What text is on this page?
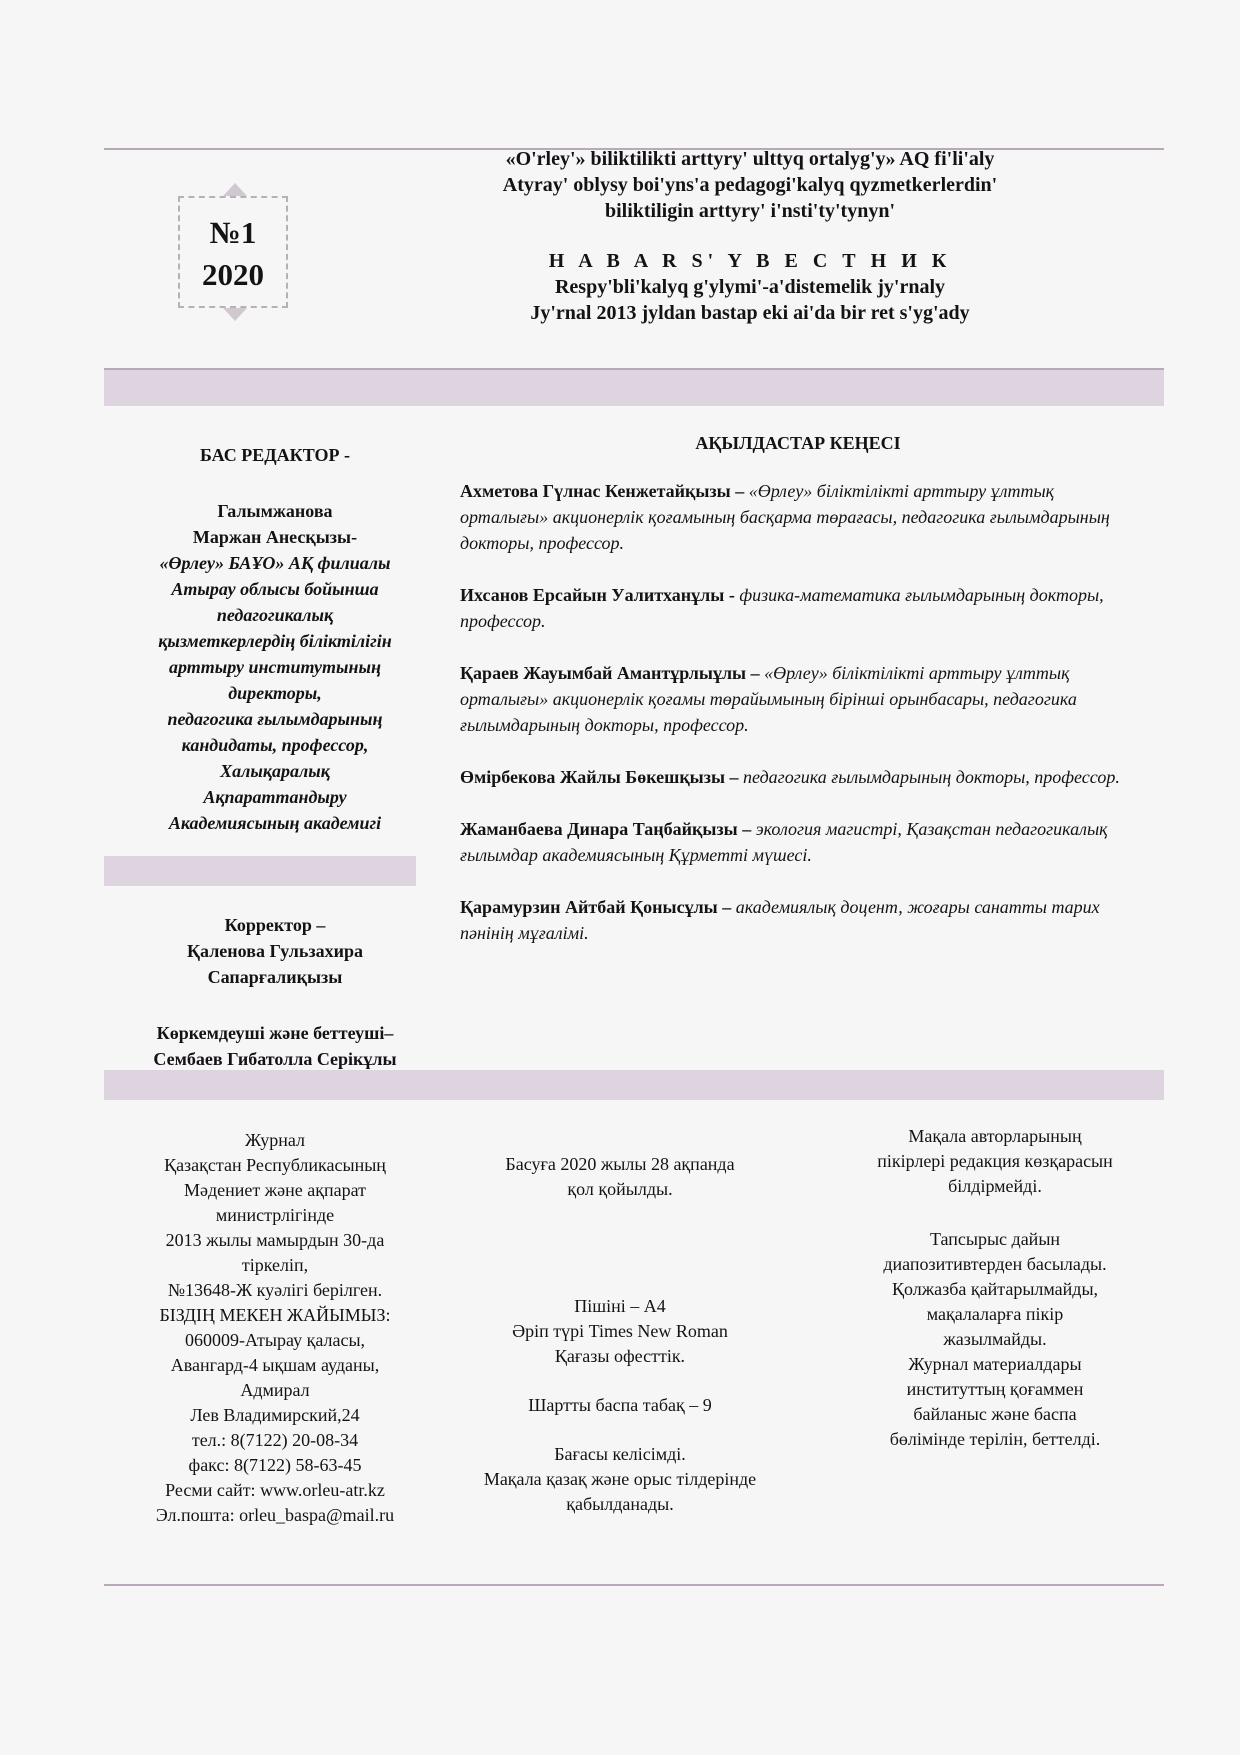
№1
2020
«O'rley'» biliktilikti arttyry' ulttyq ortalyg'y» AQ fi'li'aly
Atyray' oblysy boi'yns'a pedagogi'kalyq qyzmetkerlerdin'
biliktiligin arttyry' i'nsti'ty'tynyn'
H A B A R S' Y В Е С Т Н И К
Respy'bli'kalyq g'ylymi'-a'distemelik jy'rnaly
Jy'rnal 2013 jyldan bastap eki ai'da bir ret s'yg'ady
БАС РЕДАКТОР -
Галымжанова
Маржан Анесқызы-
«Өрлеу» БАҰО» АҚ филиалы
Атырау облысы бойынша
педагогикалық
қызметкерлердің біліктілігін
арттыру институтының
директоры,
педагогика ғылымдарының
кандидаты, профессор,
Халықаралық
Ақпараттандыру
Академиясының академигі
Корректор –
Қаленова Гульзахира
Сапарғалиқызы
Көркемдеуші және беттеуші–
Сембаев Гибатолла Серікұлы
АҚЫЛДАСТАР КЕҢЕСІ
Ахметова Гүлнас Кенжетайқызы – «Өрлеу» біліктілікті арттыру ұлттық орталығы» акционерлік қоғамының басқарма төрағасы, педагогика ғылымдарының докторы, профессор.
Ихсанов Ерсайын Уалитханұлы - физика-математика ғылымдарының докторы, профессор.
Қараев Жауымбай Амантұрлыұлы – «Өрлеу» біліктілікті арттыру ұлттық орталығы» акционерлік қоғамы төрайымының бірінші орынбасары, педагогика ғылымдарының докторы, профессор.
Өмірбекова Жайлы Бөкешқызы – педагогика ғылымдарының докторы, профессор.
Жаманбаева Динара Таңбайқызы – экология магистрі, Қазақстан педагогикалық ғылымдар академиясының Құрметті мүшесі.
Қарамурзин Айтбай Қонысұлы – академиялық доцент, жоғары санатты тарих пәнінің мұғалімі.
Журнал
Қазақстан Республикасының
Мәдениет және ақпарат
министрлігінде
2013 жылы мамырдын 30-да
тіркеліп,
№13648-Ж куәлігі берілген.
БІЗДІҢ МЕКЕН ЖАЙЫМЫЗ:
060009-Атырау қаласы,
Авангард-4 ықшам ауданы,
Адмирал
Лев Владимирский,24
тел.: 8(7122) 20-08-34
факс: 8(7122) 58-63-45
Ресми сайт: www.orleu-atr.kz
Эл.пошта: orleu_baspa@mail.ru
Басуға 2020 жылы 28 ақпанда
қол қойылды.
Пішіні – А4
Әріп түрі Times New Roman
Қағазы офесттік.
Шартты баспа табақ – 9
Бағасы келісімді.
Мақала қазақ және орыс тілдерінде
қабылданады.
Мақала авторларының
пікірлері редакция көзқарасын
білдірмейді.
Тапсырыс дайын
диапозитивтерден басылады.
Қолжазба қайтарылмайды,
мақалаларға пікір
жазылмайды.
Журнал материалдары
институттың қоғаммен
байланыс және баспа
бөлімінде терілін, беттелді.
